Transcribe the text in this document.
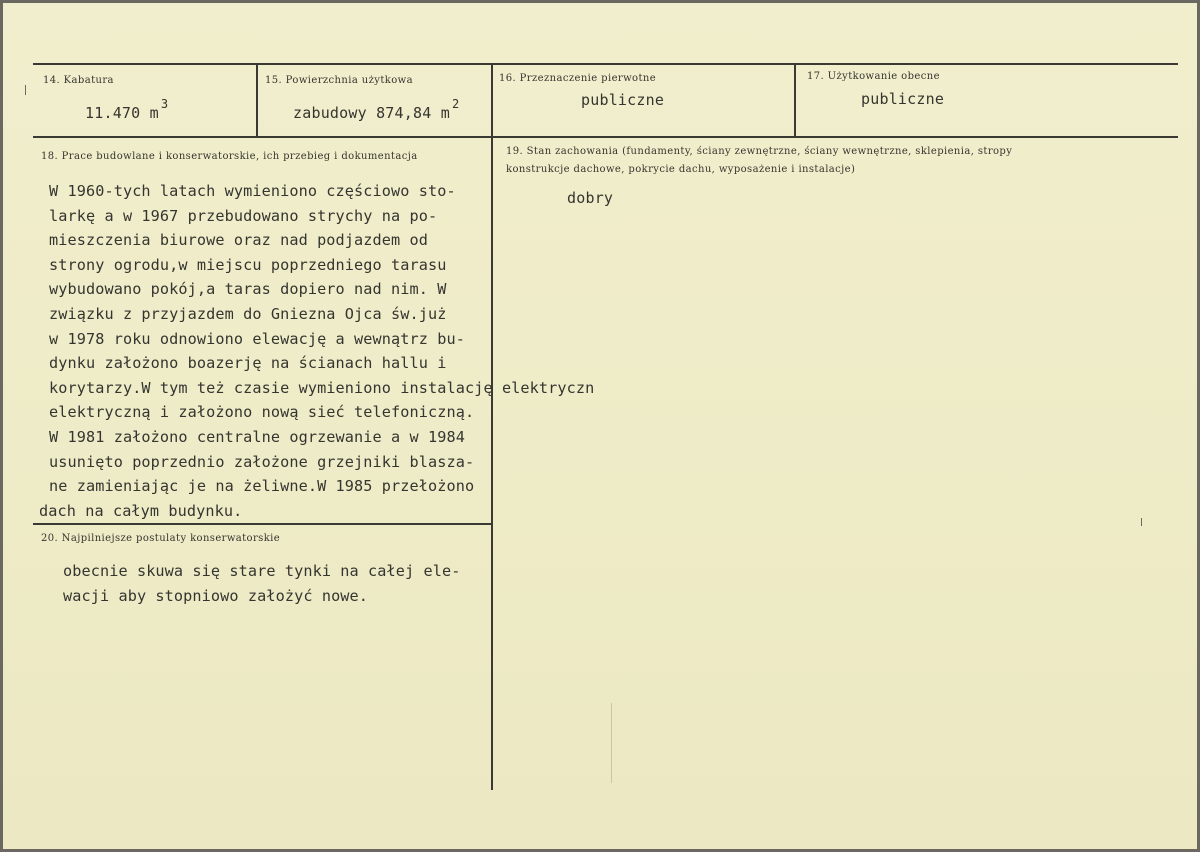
14. Kabatura
11.470 m $^3$
15. Powierzchnia użytkowa
zabudowy 874,84 m $^2$
16. Przeznaczenie pierwotne
publiczne
17. Użytkowanie obecne
publiczne
18. Prace budowlane i konserwatorskie, ich przebieg i dokumentacja
W 1960-tych latach wymieniono częściowo sto-
larkę a w 1967 przebudowano strychy na po-
mieszczenia biurowe oraz nad podjazdem od
strony ogrodu,w miejscu poprzedniego tarasu
wybudowano pokój,a taras dopiero nad nim. W
związku z przyjazdem do Gniezna Ojca św.już
w 1978 roku odnowiono elewację a wewnątrz bu-
dynku założono boazerję na ścianach hallu i
korytarzy.W tym też czasie wymieniono instalację elektryczn
elektryczną i założono nową sieć telefoniczną.
W 1981 założono centralne ogrzewanie a w 1984
usunięto poprzednio założone grzejniki blasza-
ne zamieniając je na żeliwne.W 1985 przełożono
dach na całym budynku.
19. Stan zachowania (fundamenty, ściany zewnętrzne, ściany wewnętrzne, sklepienia, stropy
konstrukcje dachowe, pokrycie dachu, wyposażenie i instalacje)
dobry
20. Najpilniejsze postulaty konserwatorskie
obecnie skuwa się stare tynki na całej ele-
wacji aby stopniowo założyć nowe.
